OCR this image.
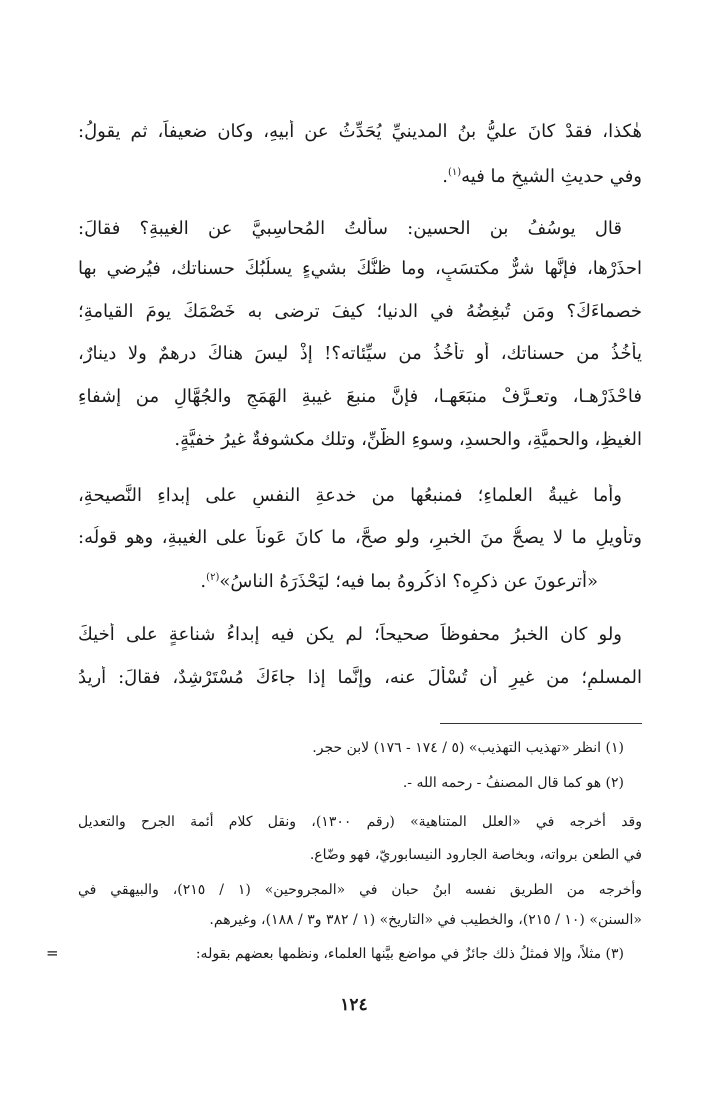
هٰكذا، فقدْ كانَ عليُّ بنُ المدينيِّ يُحَدِّثُ عن أبيهِ، وكان ضعيفاً، ثم يقولُ:
وفي حديثِ الشيخِ ما فيه$^{(١)}$.
قال يوسُفُ بن الحسين: سألتُ المُحاسِبيَّ عن الغيبةِ؟ فقالَ:
احذَرْها، فإنَّها شرٌّ مكتسَبٍ، وما ظنُّكَ بشيءٍ يسلُبُكَ حسناتك، فيُرضي بها
خصماءَكَ؟ ومَن تُبغِضُهُ في الدنيا؛ كيفَ ترضى به خَصْمَكَ يومَ القيامةِ؛
يأخُذُ من حسناتك، أو تأخُذُ من سيِّئاته؟! إذْ ليسَ هناكَ درهمٌ ولا دينارٌ،
فاحْذَرْهـا، وتعـرَّفْ منبَعَهـا، فإنَّ منبعَ غيبةِ الهَمَجِ والجُهَّالِ من إشفاءِ
الغيظِ، والحميَّةِ، والحسدِ، وسوءِ الظَّنِّ، وتلك مكشوفةٌ غيرُ خفيَّةٍ.
وأما غيبةُ العلماءِ؛ فمنبعُها من خدعةِ النفسِ على إبداءِ النَّصيحةِ،
وتأويلِ ما لا يصحُّ منَ الخبرِ، ولو صحَّ، ما كانَ عَوناً على الغيبةِ، وهو قولُه:
«أترعونَ عن ذكرِه؟ اذكُروهُ بما فيه؛ ليَحْذَرَهُ الناسُ»$^{(٢)}$.
ولو كان الخبرُ محفوظاً صحيحاً؛ لم يكن فيه إبداءُ شناعةٍ على أخيكَ
المسلمِ؛ من غيرِ أن تُسْأَلَ عنه، وإنَّما إذا جاءَكَ مُسْتَرْشِدٌ، فقالَ: أُريدُ
(١) انظر «تهذيب التهذيب» (٥ / ١٧٤ - ١٧٦) لابن حجر.
(٢) هو كما قال المصنفُ - رحمه الله -.
وقد أخرجه في «العلل المتناهية» (رقم ١٣٠٠)، ونقل كلام أئمة الجرح والتعديل
في الطعن برواته، وبخاصة الجارود النيسابوريّ، فهو وضّاع.
وأخرجه من الطريق نفسه ابنُ حبان في «المجروحين» (١ / ٢١٥)، والبيهقي في
«السنن» (١٠ / ٢١٥)، والخطيب في «التاريخ» (١ / ٣٨٢ و٣ / ١٨٨)، وغيرهم.
(٣) مثلاً، وإلا فمثلُ ذلك جائزٌ في مواضع بيَّنها العلماء، ونظمها بعضهم بقوله:
=
١٢٤
